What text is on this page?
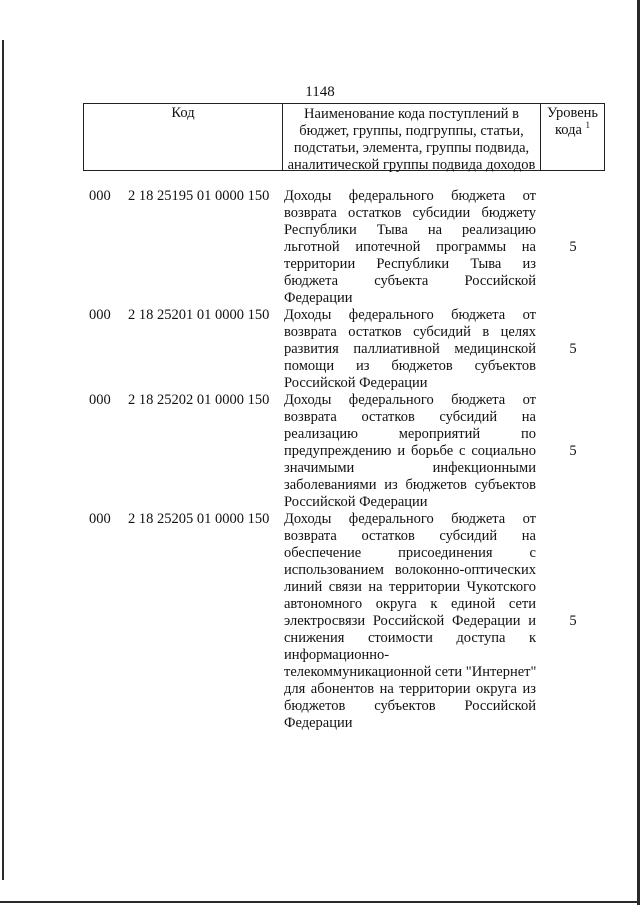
1148
Код	Наименование кода поступлений в
бюджет, группы, подгруппы, статьи,
подстатьи, элемента, группы подвида,
аналитической группы подвида доходов
Уровень
кода $^1$
000	2 18 25195 01 0000 150	Доходы федерального бюджета от
возврата остатков субсидии бюджету
Республики Тыва на реализацию
льготной ипотечной программы на
территории Республики Тыва из
бюджета субъекта Российской
Федерации
5
000	2 18 25201 01 0000 150	Доходы федерального бюджета от
возврата остатков субсидий в целях
развития паллиативной медицинской
помощи из бюджетов субъектов
Российской Федерации
5
000	2 18 25202 01 0000 150	Доходы федерального бюджета от
возврата остатков субсидий на
реализацию мероприятий по
предупреждению и борьбе с социально
значимыми инфекционными
заболеваниями из бюджетов субъектов
Российской Федерации
5
000	2 18 25205 01 0000 150	Доходы федерального бюджета от
возврата остатков субсидий на
обеспечение присоединения с
использованием волоконно-оптических
линий связи на территории Чукотского
автономного округа к единой сети
электросвязи Российской Федерации и
снижения стоимости доступа к
информационно-
телекоммуникационной сети "Интернет"
для абонентов на территории округа из
бюджетов субъектов Российской
Федерации
5
